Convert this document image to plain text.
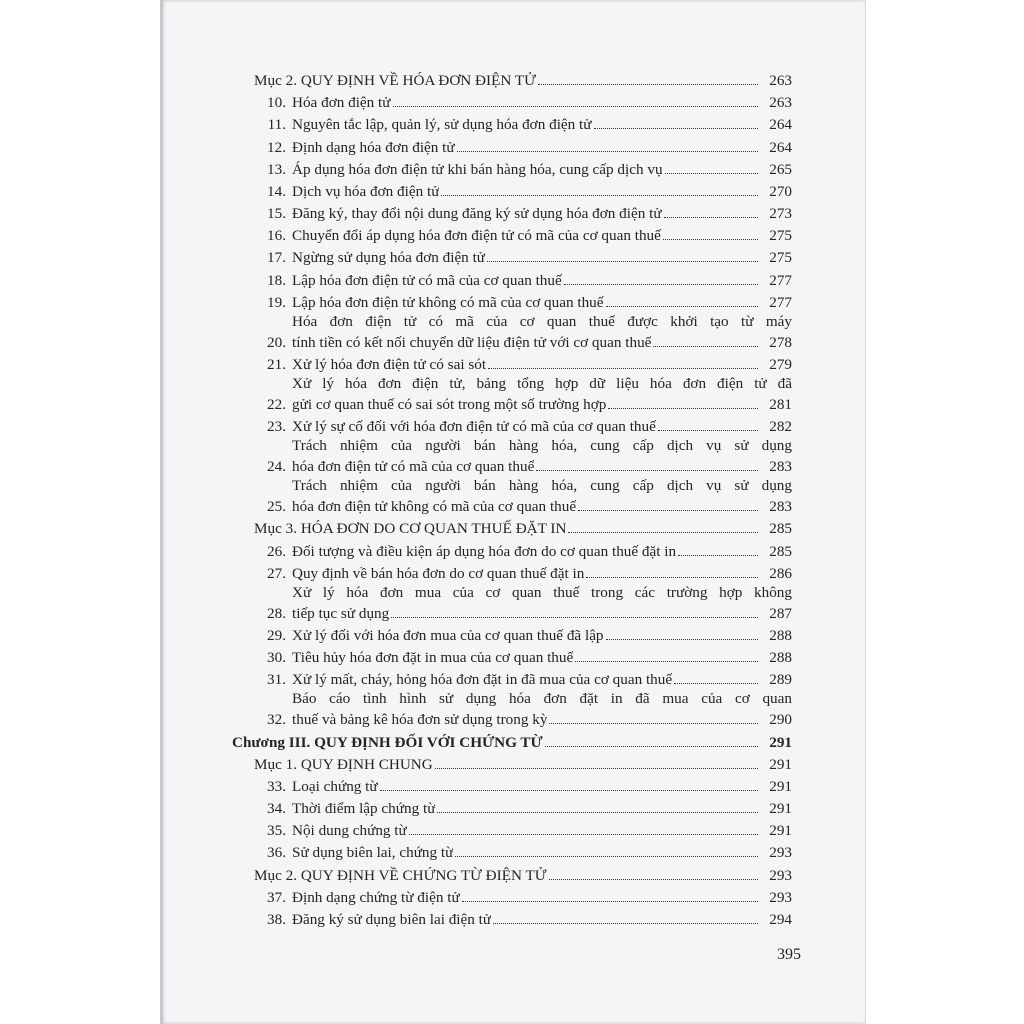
Mục 2. QUY ĐỊNH VỀ HÓA ĐƠN ĐIỆN TỬ	263
10. Hóa đơn điện tử	263
11. Nguyên tắc lập, quản lý, sử dụng hóa đơn điện tử	264
12. Định dạng hóa đơn điện tử	264
13. Áp dụng hóa đơn điện tử khi bán hàng hóa, cung cấp dịch vụ	265
14. Dịch vụ hóa đơn điện tử	270
15. Đăng ký, thay đổi nội dung đăng ký sử dụng hóa đơn điện tử	273
16. Chuyển đổi áp dụng hóa đơn điện tử có mã của cơ quan thuế	275
17. Ngừng sử dụng hóa đơn điện tử	275
18. Lập hóa đơn điện tử có mã của cơ quan thuế	277
19. Lập hóa đơn điện tử không có mã của cơ quan thuế	277
20.
Hóa đơn điện tử có mã của cơ quan thuế được khởi tạo từ máy
tính tiền có kết nối chuyển dữ liệu điện tử với cơ quan thuế	278
21. Xử lý hóa đơn điện tử có sai sót	279
22.
Xử lý hóa đơn điện tử, bảng tổng hợp dữ liệu hóa đơn điện tử đã
gửi cơ quan thuế có sai sót trong một số trường hợp	281
23. Xử lý sự cố đối với hóa đơn điện tử có mã của cơ quan thuế	282
24.
Trách nhiệm của người bán hàng hóa, cung cấp dịch vụ sử dụng
hóa đơn điện tử có mã của cơ quan thuế	283
25.
Trách nhiệm của người bán hàng hóa, cung cấp dịch vụ sử dụng
hóa đơn điện tử không có mã của cơ quan thuế	283
Mục 3. HÓA ĐƠN DO CƠ QUAN THUẾ ĐẶT IN	285
26. Đối tượng và điều kiện áp dụng hóa đơn do cơ quan thuế đặt in	285
27. Quy định về bán hóa đơn do cơ quan thuế đặt in	286
28.
Xử lý hóa đơn mua của cơ quan thuế trong các trường hợp không
tiếp tục sử dụng	287
29. Xử lý đối với hóa đơn mua của cơ quan thuế đã lập	288
30. Tiêu hủy hóa đơn đặt in mua của cơ quan thuế	288
31. Xử lý mất, cháy, hỏng hóa đơn đặt in đã mua của cơ quan thuế	289
32.
Báo cáo tình hình sử dụng hóa đơn đặt in đã mua của cơ quan
thuế và bảng kê hóa đơn sử dụng trong kỳ	290
Chương III. QUY ĐỊNH ĐỐI VỚI CHỨNG TỪ	291
Mục 1. QUY ĐỊNH CHUNG	291
33. Loại chứng từ	291
34. Thời điểm lập chứng từ	291
35. Nội dung chứng từ	291
36. Sử dụng biên lai, chứng từ	293
Mục 2. QUY ĐỊNH VỀ CHỨNG TỪ ĐIỆN TỬ	293
37. Định dạng chứng từ điện tử	293
38. Đăng ký sử dụng biên lai điện tử	294
395
